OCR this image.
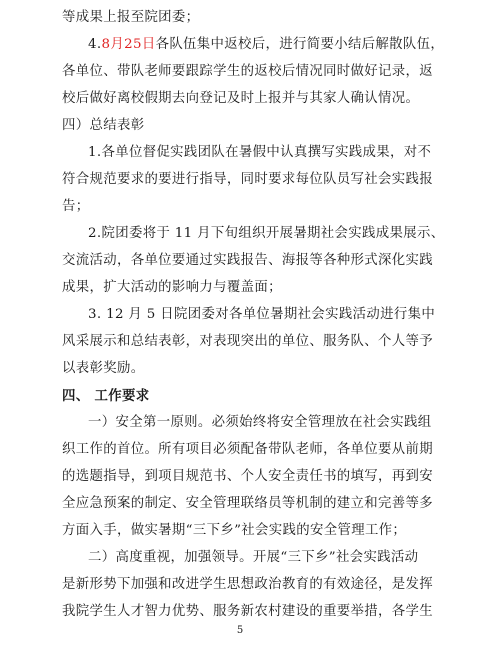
等成果上报至院团委；
4.8月25日各队伍集中返校后，进行简要小结后解散队伍，
各单位、带队老师要跟踪学生的返校后情况同时做好记录，返
校后做好离校假期去向登记及时上报并与其家人确认情况。
四）总结表彰
1.各单位督促实践团队在暑假中认真撰写实践成果，对不
符合规范要求的要进行指导，同时要求每位队员写社会实践报
告；
2.院团委将于 11 月下旬组织开展暑期社会实践成果展示、
交流活动，各单位要通过实践报告、海报等各种形式深化实践
成果，扩大活动的影响力与覆盖面；
3. 12 月 5 日院团委对各单位暑期社会实践活动进行集中
风采展示和总结表彰，对表现突出的单位、服务队、个人等予
以表彰奖励。
四、 工作要求
一）安全第一原则。必须始终将安全管理放在社会实践组
织工作的首位。所有项目必须配备带队老师，各单位要从前期
的选题指导，到项目规范书、个人安全责任书的填写，再到安
全应急预案的制定、安全管理联络员等机制的建立和完善等多
方面入手，做实暑期“三下乡”社会实践的安全管理工作；
二）高度重视，加强领导。开展“三下乡”社会实践活动
是新形势下加强和改进学生思想政治教育的有效途径，是发挥
我院学生人才智力优势、服务新农村建设的重要举措，各学生
5
